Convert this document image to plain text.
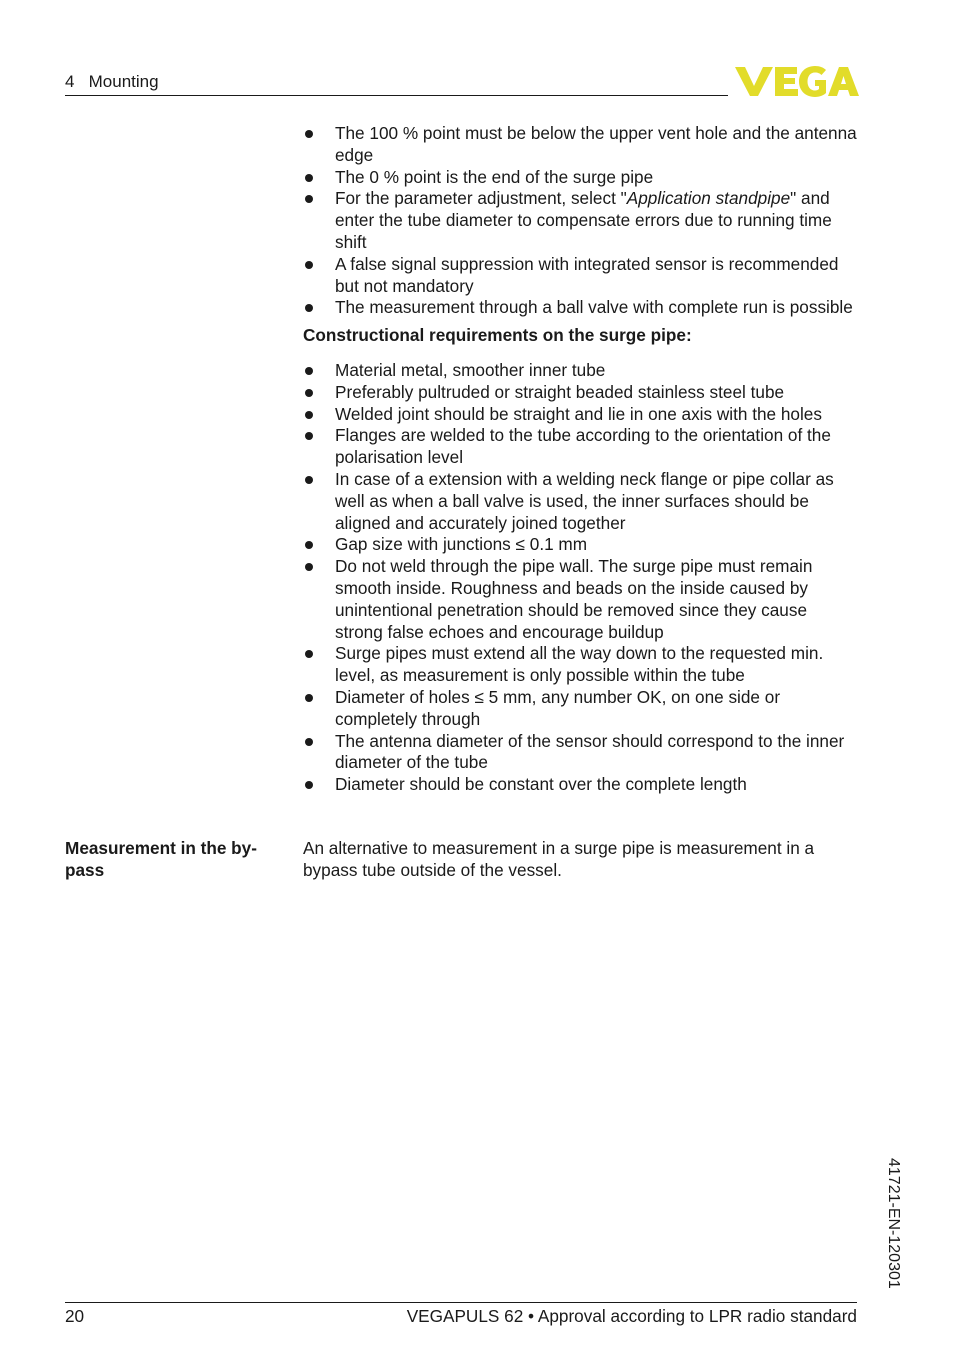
4   Mounting
The 100 % point must be below the upper vent hole and the antenna edge
The 0 % point is the end of the surge pipe
For the parameter adjustment, select "Application standpipe" and enter the tube diameter to compensate errors due to running time shift
A false signal suppression with integrated sensor is recommended but not mandatory
The measurement through a ball valve with complete run is possible
Constructional requirements on the surge pipe:
Material metal, smoother inner tube
Preferably pultruded or straight beaded stainless steel tube
Welded joint should be straight and lie in one axis with the holes
Flanges are welded to the tube according to the orientation of the polarisation level
In case of a extension with a welding neck flange or pipe collar as well as when a ball valve is used, the inner surfaces should be aligned and accurately joined together
Gap size with junctions ≤ 0.1 mm
Do not weld through the pipe wall. The surge pipe must remain smooth inside. Roughness and beads on the inside caused by unintentional penetration should be removed since they cause strong false echoes and encourage buildup
Surge pipes must extend all the way down to the requested min. level, as measurement is only possible within the tube
Diameter of holes ≤ 5 mm, any number OK, on one side or completely through
The antenna diameter of the sensor should correspond to the inner diameter of the tube
Diameter should be constant over the complete length
Measurement in the by-pass
An alternative to measurement in a surge pipe is measurement in a bypass tube outside of the vessel.
41721-EN-120301
20	VEGAPULS 62 • Approval according to LPR radio standard
